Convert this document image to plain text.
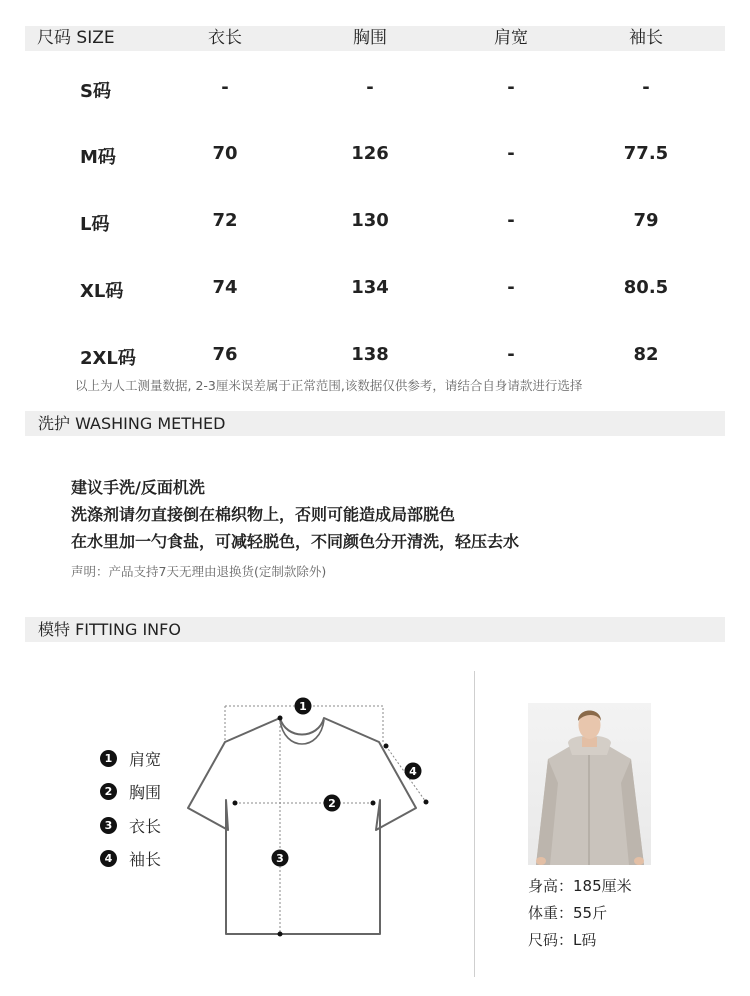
尺码 SIZE	衣长	胸围	肩宽	袖长
S码	-	-	-	-
M码	70	126	-	77.5
L码	72	130	-	79
XL码	74	134	-	80.5
2XL码	76	138	-	82
以上为人工测量数据, 2-3厘米误差属于正常范围,该数据仅供参考，请结合自身请款进行选择
洗护 WASHING METHED
建议手洗/反面机洗
洗涤剂请勿直接倒在棉织物上，否则可能造成局部脱色
在水里加一勺食盐，可减轻脱色，不同颜色分开清洗，轻压去水
声明：产品支持7天无理由退换货(定制款除外)
模特 FITTING INFO
1 肩宽
2 胸围
3 衣长
4 袖长
1
2
3
4
身高：185厘米
体重：55斤
尺码：L码
